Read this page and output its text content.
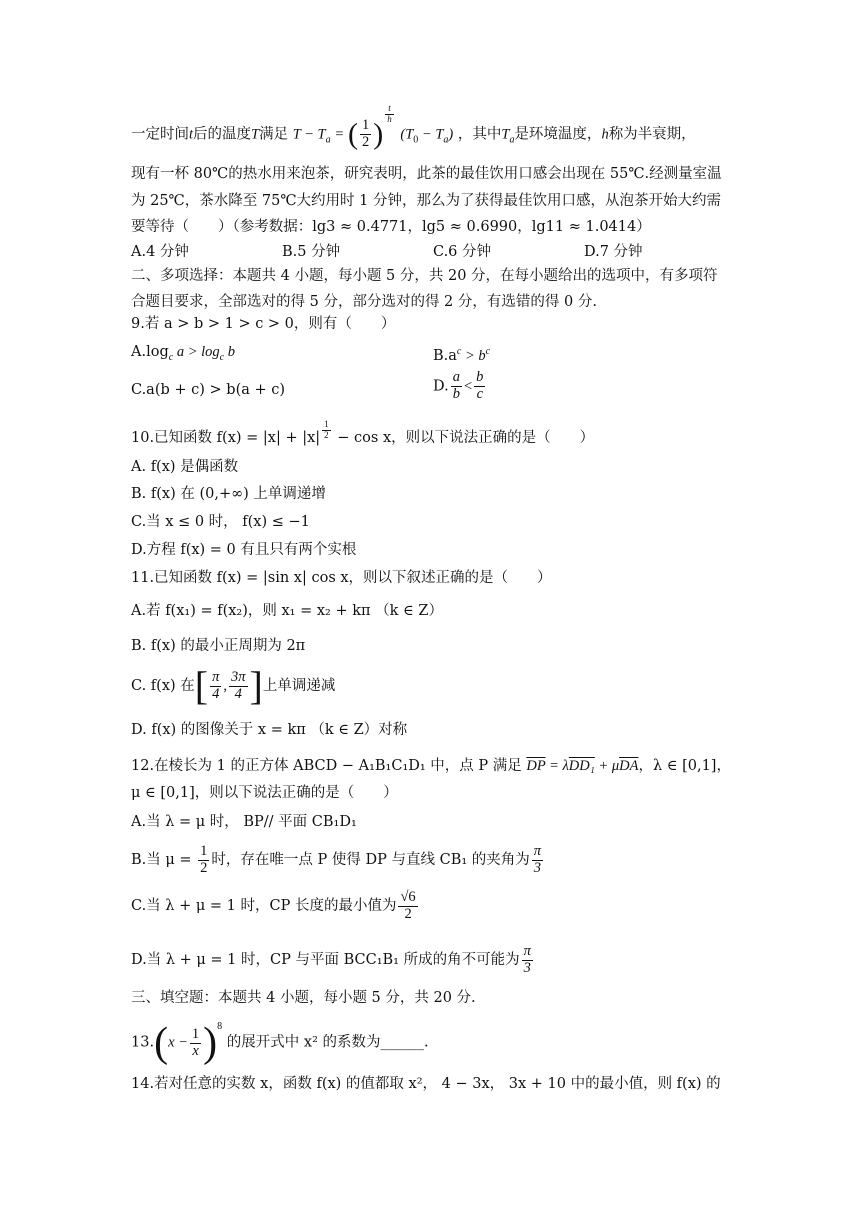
一定时间t后的温度T满足 $T - T_a$ = ( $\frac{1}{2}$ )
$\frac{t}{h}$
$(T_0 - T_a)$ ，其中$T_a$是环境温度，h称为半衰期，
现有一杯 80℃的热水用来泡茶，研究表明，此茶的最佳饮用口感会出现在 55℃.经测量室温
为 25℃，茶水降至 75℃大约用时 1 分钟，那么为了获得最佳饮用口感，从泡茶开始大约需
要等待（　　）（参考数据：lg3 ≈ 0.4771，lg5 ≈ 0.6990，lg11 ≈ 1.0414）
A.4 分钟	B.5 分钟	C.6 分钟	D.7 分钟
二、多项选择：本题共 4 小题，每小题 5 分，共 20 分，在每小题给出的选项中，有多项符
合题目要求，全部选对的得 5 分，部分选对的得 2 分，有选错的得 0 分.
9.若 a > b > 1 > c > 0，则有（　　）
$A.\log_c$ $a > \log_c b$	$B.a^c > b^c$
C.a(b + c) > b(a + c)	D. $\frac{a}{b} < \frac{b}{c}$
10.已知函数 $f(x) = |x| + |x| \frac{1}{2} - \cos x$，则以下说法正确的是（　　）
A. f(x) 是偶函数
B. f(x) 在 (0,+∞) 上单调递增
C.当 x ≤ 0 时， f(x) ≤ −1
D.方程 f(x) = 0 有且只有两个实根
11.已知函数 f(x) = |sin x| cos x，则以下叙述正确的是（　　）
A.若 f(x₁) = f(x₂)，则 x₁ = x₂ + kπ （k ∈ Z）
B. f(x) 的最小正周期为 2π
C. f(x) 在[ $\frac{\pi}{4}$ , $\frac{3\pi}{4}$ ]上单调递减
D. f(x) 的图像关于 x = kπ （k ∈ Z）对称
12.在棱长为 1 的正方体 ABCD − A₁B₁C₁D₁ 中，点 P 满足 $\overline{DP} = \lambda DD_1 + \mu\overline{DA}$，λ ∈ [0,1]，
μ ∈ [0,1]，则以下说法正确的是（　　）
A.当 λ = μ 时， BP// 平面 CB₁D₁
B.当 $\mu = \frac{1}{2}$ 时，存在唯一点 P 使得 DP 与直线 CB₁ 的夹角为 $\frac{\pi}{3}$
C.当 λ + μ = 1 时，CP 长度的最小值为 $\frac{√6}{2}$
D.当 λ + μ = 1 时，CP 与平面 BCC₁B₁ 所成的角不可能为 $\frac{\pi}{3}$
三、填空题：本题共 4 小题，每小题 5 分，共 20 分.
$13.(x - \frac{1}{x} )^8$ 的展开式中 x² 的系数为______.
14.若对任意的实数 x，函数 f(x) 的值都取 x²， 4 − 3x， 3x + 10 中的最小值，则 f(x) 的
